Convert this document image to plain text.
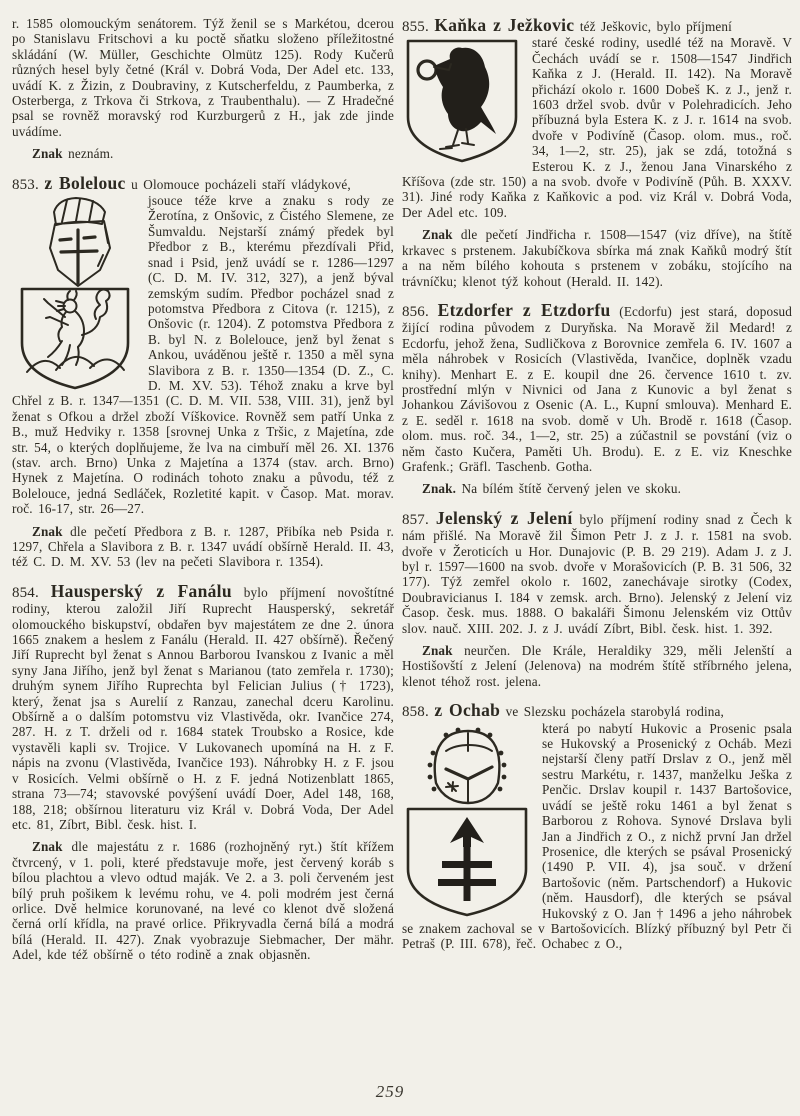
r. 1585 olomouckým senátorem. Týž ženil se s Markétou, dcerou po Stanislavu Fritschovi a ku poctě sňatku složeno příležitostné skládání (W. Müller, Geschichte Olmütz 125). Rody Kučerů různých hesel byly četné (Král v. Dobrá Voda, Der Adel etc. 133, uvádí K. z Žizin, z Doubraviny, z Kutscherfeldu, z Paumberka, z Osterberga, z Trkova či Strkova, z Traubenthalu). — Z Hradečné psal se rovněž moravský rod Kurzburgerů z H., jak zde jinde uvádíme.

Znak neznám.

853. z Bolelouc u Olomouce pocházeli staří vládykové,

jsouce téže krve a znaku s rody ze Žerotína, z Onšovic, z Čistého Slemene, ze Šumvaldu. Nejstarší známý předek byl Předbor z B., kterému přezdívali Přid, snad i Psid, jenž uvádí se r. 1286—1297 (C. D. M. IV. 312, 327), a jenž býval zemským sudím. Předbor pocházel snad z potomstva Předbora z Citova (r. 1215), z Onšovic (r. 1204). Z potomstva Předbora z B. byl N. z Bolelouce, jenž byl ženat s Ankou, uváděnou ještě r. 1350 a měl syna Slavibora z B. r. 1350—1354 (D. Z., C. D. M. XV. 53). Téhož znaku a krve byl Chřel z B. r. 1347—1351 (C. D. M. VII. 538, VIII. 31), jenž byl ženat s Ofkou a držel zboží Víškovice. Rovněž sem patří Unka z B., muž Hedviky r. 1358 [srovnej Unka z Tršic, z Majetína, zde str. 54, o kterých doplňujeme, že lva na cimbuří měl 26. XI. 1376 (stav. arch. Brno) Unka z Majetína a 1374 (stav. arch. Brno) Hynek z Majetína. O rodinách tohoto znaku a původu, též z Bolelouce, jedná Sedláček, Rozletité kapit. v Časop. Mat. morav. roč. 16-17, str. 26—27.

Znak dle pečetí Předbora z B. r. 1287, Přibíka neb Psida r. 1297, Chřela a Slavibora z B. r. 1347 uvádí obšírně Herald. II. 43, též C. D. M. XV. 53 (lev na pečeti Slavibora r. 1354).

854. Hausperský z Fanálu bylo příjmení novoštítné rodiny, kterou založil Jiří Ruprecht Hausperský, sekretář olomouckého biskupství, obdařen byv majestátem ze dne 2. února 1665 znakem a heslem z Fanálu (Herald. II. 427 obšírně). Řečený Jiří Ruprecht byl ženat s Annou Barborou Ivanskou z Ivanic a měl syny Jana Jiřího, jenž byl ženat s Marianou (tato zemřela r. 1730); druhým synem Jiřího Ruprechta byl Felician Julius († 1723), který, ženat jsa s Aurelií z Ranzau, zanechal dceru Karolinu. Obšírně a o dalším potomstvu viz Vlastivěda, okr. Ivančice 274, 287. H. z T. drželi od r. 1684 statek Troubsko a Rosice, kde vystavěli kapli sv. Trojice. V Lukovanech upomíná na H. z F. nápis na zvonu (Vlastivěda, Ivančice 193). Náhrobky H. z F. jsou v Rosicích. Velmi obšírně o H. z F. jedná Notizenblatt 1865, strana 73—74; stavovské povýšení uvádí Doer, Adel 148, 168, 188, 218; obšírnou literaturu viz Král v. Dobrá Voda, Der Adel etc. 81, Zíbrt, Bibl. česk. hist. I.

Znak dle majestátu z r. 1686 (rozhojněný ryt.) štít křížem čtvrcený, v 1. poli, které představuje moře, jest červený koráb s bílou plachtou a vlevo odtud maják. Ve 2. a 3. poli červeném jest bílý pruh pošikem k levému rohu, ve 4. poli modrém jest černá orlice. Dvě helmice korunované, na levé co klenot dvě složená černá orlí křídla, na pravé orlice. Přikryvadla černá bílá a modrá bílá (Herald. II. 427). Znak vyobrazuje Siebmacher, Der mähr. Adel, kde též obšírně o této rodině a znak objasněn.

855. Kaňka z Ježkovic též Ješkovic, bylo příjmení

staré české rodiny, usedlé též na Moravě. V Čechách uvádí se r. 1508—1547 Jindřich Kaňka z J. (Herald. II. 142). Na Moravě přichází okolo r. 1600 Dobeš K. z J., jenž r. 1603 držel svob. dvůr v Polehradicích. Jeho příbuzná byla Estera K. z J. r. 1614 na svob. dvoře v Podivíně (Časop. olom. mus., roč. 34, 1—2, str. 25), jak se zdá, totožná s Esterou K. z J., ženou Jana Vinarského z Kříšova (zde str. 150) a na svob. dvoře v Podivíně (Půh. B. XXXV. 31). Jiné rody Kaňka z Kaňkovic a pod. viz Král v. Dobrá Voda, Der Adel etc. 109.

Znak dle pečetí Jindřicha r. 1508—1547 (viz dříve), na štítě krkavec s prstenem. Jakubíčkova sbírka má znak Kaňků modrý štít a na něm bílého kohouta s prstenem v zobáku, stojícího na trávníčku; klenot týž kohout (Herald. II. 142).

856. Etzdorfer z Etzdorfu (Ecdorfu) jest stará, doposud žijící rodina původem z Duryňska. Na Moravě žil Medard! z Ecdorfu, jehož žena, Sudličkova z Borovnice zemřela 6. IV. 1607 a měla náhrobek v Rosicích (Vlastivěda, Ivančice, doplněk vzadu knihy). Menhart E. z E. koupil dne 26. července 1610 t. zv. prostřední mlýn v Nivnici od Jana z Kunovic a byl ženat s Johankou Závišovou z Osenic (A. L., Kupní smlouva). Menhard E. z E. seděl r. 1618 na svob. domě v Uh. Brodě r. 1618 (Časop. olom. mus. roč. 34., 1—2, str. 25) a zúčastnil se povstání (viz o něm často Kučera, Paměti Uh. Brodu). E. z E. viz Kneschke Grafenk.; Gräfl. Taschenb. Gotha.

Znak. Na bílém štítě červený jelen ve skoku.

857. Jelenský z Jelení bylo příjmení rodiny snad z Čech k nám přišlé. Na Moravě žil Šimon Petr J. z J. r. 1581 na svob. dvoře v Žeroticích u Hor. Dunajovic (P. B. 29 219). Adam J. z J. byl r. 1597—1600 na svob. dvoře v Morašovicích (P. B. 31 506, 32 177). Týž zemřel okolo r. 1602, zanechávaje sirotky (Codex, Doubravicianus I. 184 v zemsk. arch. Brno). Jelenský z Jelení viz Časop. česk. mus. 1888. O bakaláři Šimonu Jelenském viz Ottův slov. nauč. XIII. 202. J. z J. uvádí Zíbrt, Bibl. česk. hist. 1. 392.

Znak neurčen. Dle Krále, Heraldiky 329, měli Jelenští a Hostišovští z Jelení (Jelenova) na modrém štítě stříbrného jelena, klenot téhož rost. jelena.

858. z Ochab ve Slezsku pocházela starobylá rodina,

která po nabytí Hukovic a Prosenic psala se Hukovský a Prosenický z Ocháb. Mezi nejstarší členy patří Drslav z O., jenž měl sestru Markétu, r. 1437, manželku Ješka z Penčic. Drslav koupil r. 1437 Bartošovice, uvádí se ještě roku 1461 a byl ženat s Barborou z Rohova. Synové Drslava byli Jan a Jindřich z O., z nichž první Jan držel Prosenice, dle kterých se psával Prosenický (1490 P. VII. 4), jsa souč. v držení Bartošovic (něm. Partschendorf) a Hukovic (něm. Hausdorf), dle kterých se psával Hukovský z O. Jan † 1496 a jeho náhrobek se znakem zachoval se v Bartošovicích. Blízký příbuzný byl Petr či Petraš (P. III. 678), řeč. Ochabec z O.,
259
